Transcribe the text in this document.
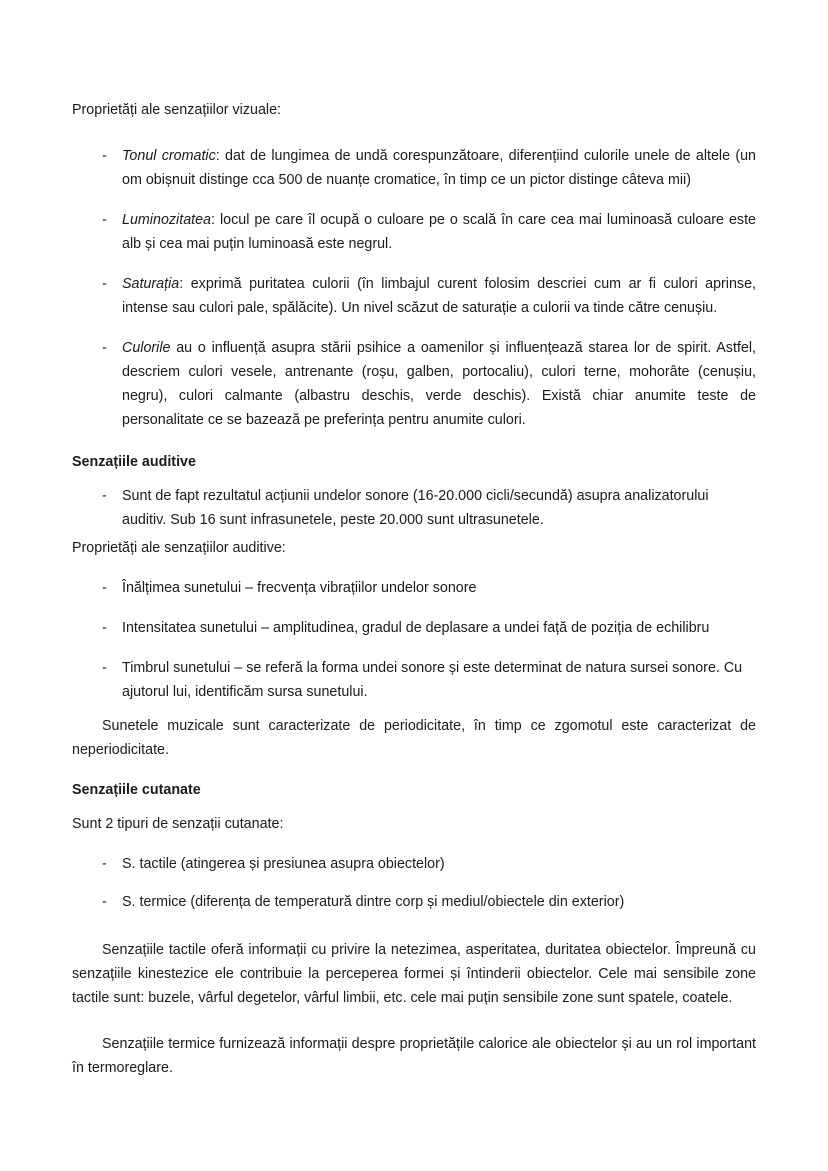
Proprietăți ale senzațiilor vizuale:

- Tonul cromatic: dat de lungimea de undă corespunzătoare, diferențiind culorile unele de altele (un om obișnuit distinge cca 500 de nuanțe cromatice, în timp ce un pictor distinge câteva mii)
- Luminozitatea: locul pe care îl ocupă o culoare pe o scală în care cea mai luminoasă culoare este alb și cea mai puțin luminoasă este negrul.
- Saturația: exprimă puritatea culorii (în limbajul curent folosim descriei cum ar fi culori aprinse, intense sau culori pale, spălăcite). Un nivel scăzut de saturație a culorii va tinde către cenușiu.
- Culorile au o influență asupra stării psihice a oamenilor și influențează starea lor de spirit. Astfel, descriem culori vesele, antrenante (roșu, galben, portocaliu), culori terne, mohorâte (cenușiu, negru), culori calmante (albastru deschis, verde deschis). Există chiar anumite teste de personalitate ce se bazează pe preferința pentru anumite culori.

Senzațiile auditive

- Sunt de fapt rezultatul acțiunii undelor sonore (16-20.000 cicli/secundă) asupra analizatorului auditiv. Sub 16 sunt infrasunetele, peste 20.000 sunt ultrasunetele.

Proprietăți ale senzațiilor auditive:

- Înălțimea sunetului – frecvența vibrațiilor undelor sonore
- Intensitatea sunetului – amplitudinea, gradul de deplasare a undei față de poziția de echilibru
- Timbrul sunetului – se referă la forma undei sonore și este determinat de natura sursei sonore. Cu ajutorul lui, identificăm sursa sunetului.

Sunetele muzicale sunt caracterizate de periodicitate, în timp ce zgomotul este caracterizat de neperiodicitate.

Senzațiile cutanate

Sunt 2 tipuri de senzații cutanate:

- S. tactile (atingerea și presiunea asupra obiectelor)
- S. termice (diferența de temperatură dintre corp și mediul/obiectele din exterior)

Senzațiile tactile oferă informații cu privire la netezimea, asperitatea, duritatea obiectelor. Împreună cu senzațiile kinestezice ele contribuie la perceperea formei și întinderii obiectelor. Cele mai sensibile zone tactile sunt: buzele, vârful degetelor, vârful limbii, etc. cele mai puțin sensibile zone sunt spatele, coatele.

Senzațiile termice furnizează informații despre proprietățile calorice ale obiectelor și au un rol important în termoreglare.
